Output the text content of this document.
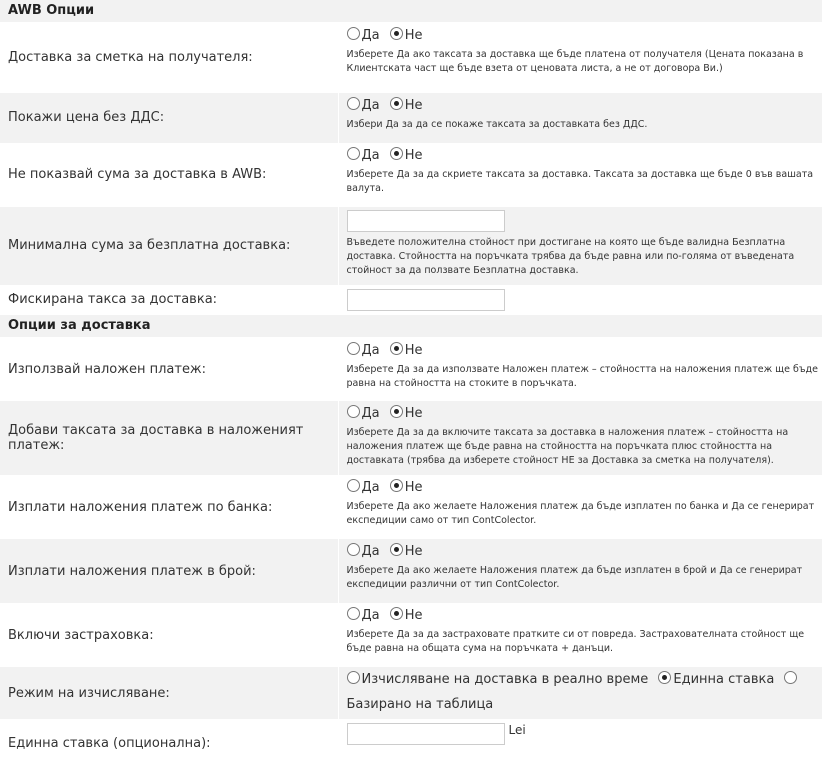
AWB Опции	
Доставка за сметка на получателя:	Да Не
Изберете Да ако таксата за доставка ще бъде платена от получателя (Цената показана в Клиентската част ще бъде взета от ценовата листа, а не от договора Ви.)

Покажи цена без ДДС:	Да Не
Избери Да за да се покаже таксата за доставката без ДДС.

Не показвай сума за доставка в AWB:	Да Не
Изберете Да за да скриете таксата за доставка. Таксата за доставка ще бъде 0 във вашата валута.

Минимална сума за безплатна доставка:	Въведете положителна стойност при достигане на която ще бъде валидна Безплатна доставка. Стойността на поръчката трябва да бъде равна или по-голяма от въведената стойност за да ползвате Безплатна доставка.

Фискирана такса за доставка:	
Опции за доставка	
Използвай наложен платеж:	Да Не
Изберете Да за да използвате Наложен платеж – стойността на наложения платеж ще бъде равна на стойността на стоките в поръчката.

Добави таксата за доставка в наложеният платеж:	Да Не
Изберете Да за да включите таксата за доставка в наложения платеж – стойността на наложения платеж ще бъде равна на стойността на поръчката плюс стойността на доставката (трябва да изберете стойност НЕ за Доставка за сметка на получателя).

Изплати наложения платеж по банка:	Да Не
Изберете Да ако желаете Наложения платеж да бъде изплатен по банка и Да се генерират експедиции само от тип ContColector.

Изплати наложения платеж в брой:	Да Не
Изберете Да ако желаете Наложения платеж да бъде изплатен в брой и Да се генерират експедиции различни от тип ContColector.

Включи застраховка:	Да Не
Изберете Да за да застраховате пратките си от повреда. Застрахователната стойност ще бъде равна на общата сума на поръчката + данъци.

Режим на изчисляване:	Изчисляване на доставка в реално време Единна ставка
Базирано на таблица

Единна ставка (опционална):	$^{Lei}$
